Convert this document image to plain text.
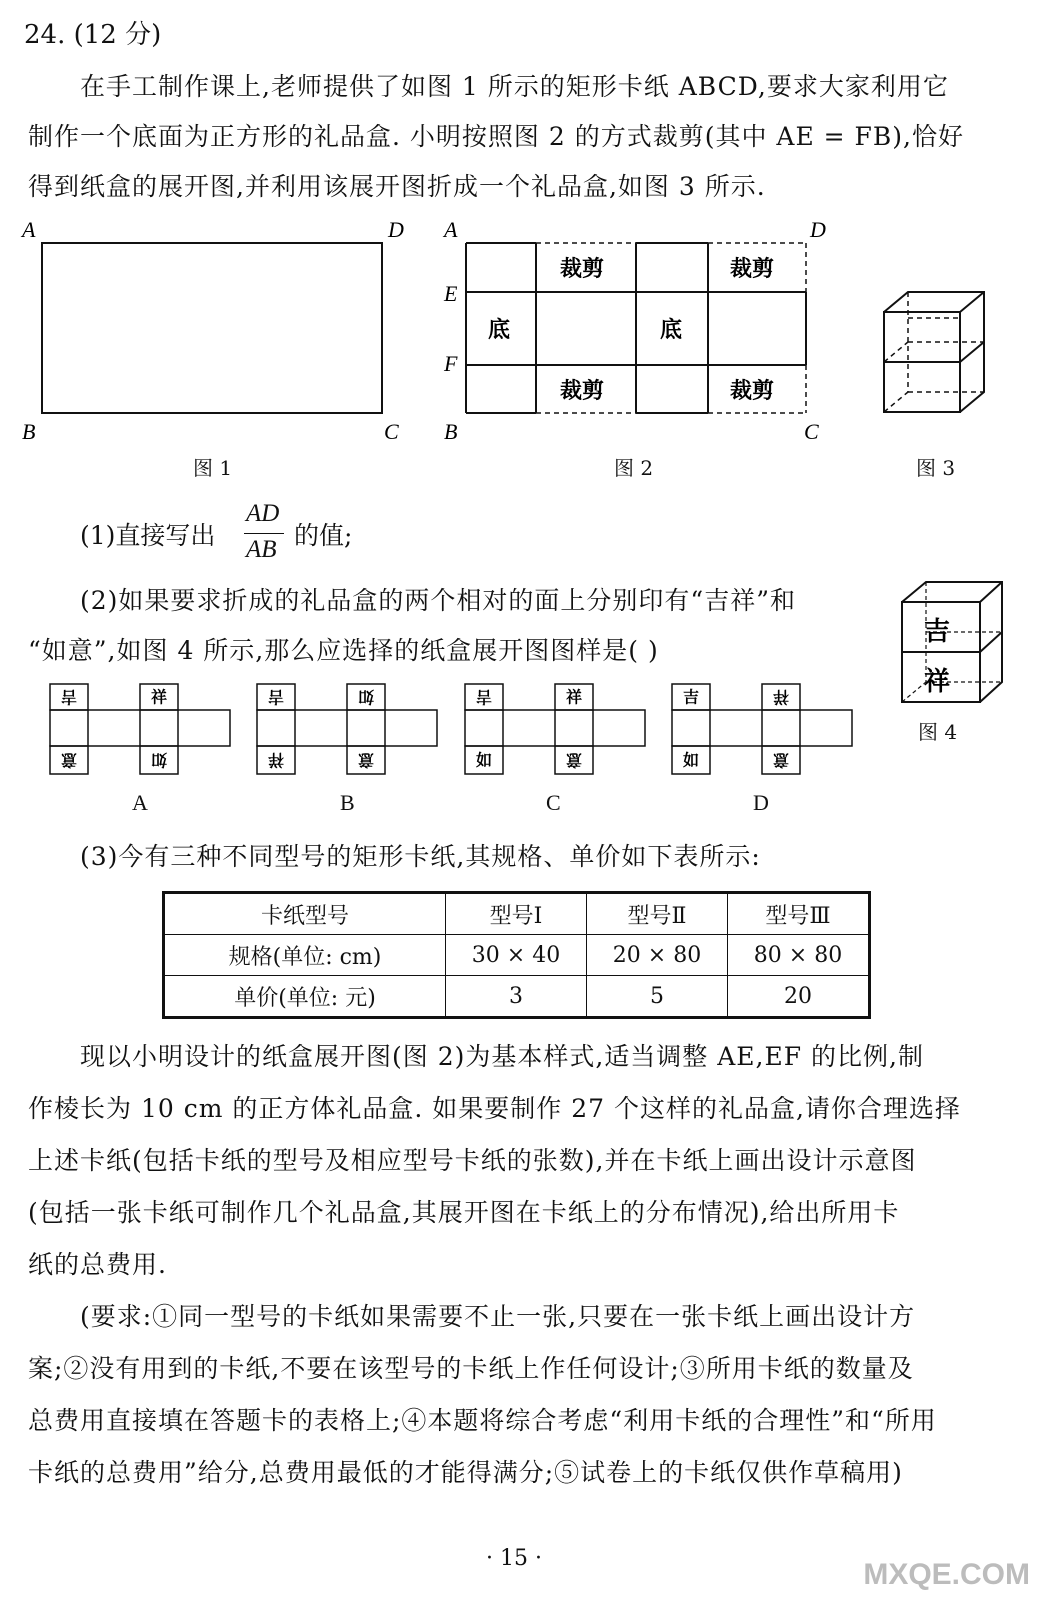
24. (12 分)
在手工制作课上,老师提供了如图 1 所示的矩形卡纸 ABCD,要求大家利用它
制作一个底面为正方形的礼品盒. 小明按照图 2 的方式裁剪(其中 AE = FB),恰好
得到纸盒的展开图,并利用该展开图折成一个礼品盒,如图 3 所示.
A	D
B	C
图 1
裁剪	裁剪
裁剪	裁剪
底	底
A	D
E
F
B	C
图 2	图 3
(1)直接写出
AD
AB 的值;
(2)如果要求折成的礼品盒的两个相对的面上分别印有“吉祥”和
“如意”,如图 4 所示,那么应选择的纸盒展开图图样是( )
吉
祥
图 4
吉	祥
意	如
A
吉	如
祥	意
B
吉	祥
如	意
C
吉	祥
如	意
D
(3)今有三种不同型号的矩形卡纸,其规格、单价如下表所示:
卡纸型号	型号Ⅰ	型号Ⅱ	型号Ⅲ
规格(单位: cm)	30 × 40	20 × 80	80 × 80
单价(单位: 元)	3	5	20
现以小明设计的纸盒展开图(图 2)为基本样式,适当调整 AE,EF 的比例,制
作棱长为 10 cm 的正方体礼品盒. 如果要制作 27 个这样的礼品盒,请你合理选择
上述卡纸(包括卡纸的型号及相应型号卡纸的张数),并在卡纸上画出设计示意图
(包括一张卡纸可制作几个礼品盒,其展开图在卡纸上的分布情况),给出所用卡
纸的总费用.
(要求:①同一型号的卡纸如果需要不止一张,只要在一张卡纸上画出设计方
案;②没有用到的卡纸,不要在该型号的卡纸上作任何设计;③所用卡纸的数量及
总费用直接填在答题卡的表格上;④本题将综合考虑“利用卡纸的合理性”和“所用
卡纸的总费用”给分,总费用最低的才能得满分;⑤试卷上的卡纸仅供作草稿用)
· 15 ·	MXQE.COM
